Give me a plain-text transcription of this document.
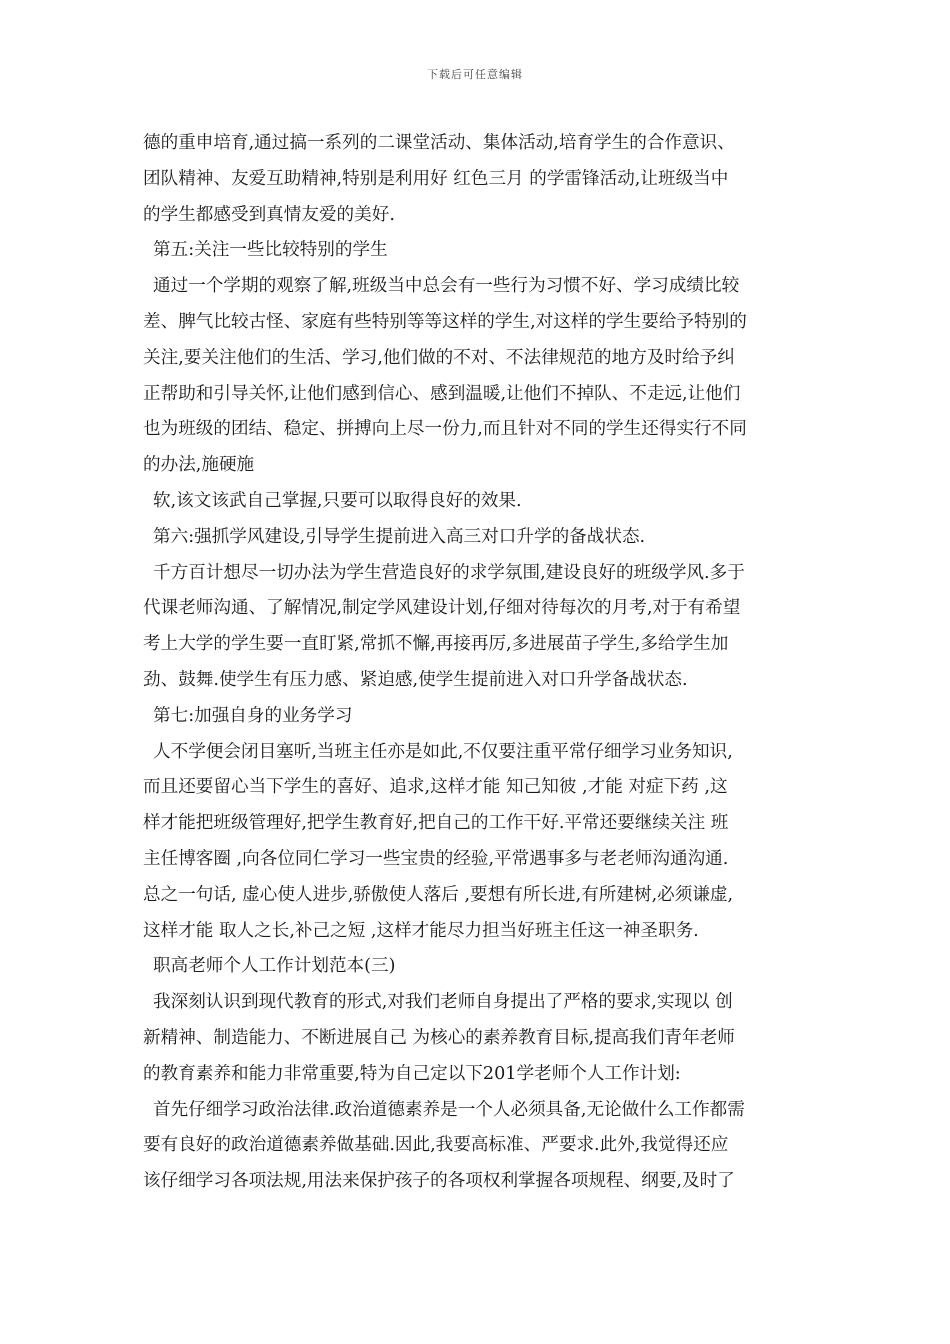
下载后可任意编辑
德的重申培育,通过搞一系列的二课堂活动、集体活动,培育学生的合作意识、
团队精神、友爱互助精神,特别是利用好 红色三月 的学雷锋活动,让班级当中
的学生都感受到真情友爱的美好.
第五:关注一些比较特别的学生
通过一个学期的观察了解,班级当中总会有一些行为习惯不好、学习成绩比较
差、脾气比较古怪、家庭有些特别等等这样的学生,对这样的学生要给予特别的
关注,要关注他们的生活、学习,他们做的不对、不法律规范的地方及时给予纠
正帮助和引导关怀,让他们感到信心、感到温暖,让他们不掉队、不走远,让他们
也为班级的团结、稳定、拼搏向上尽一份力,而且针对不同的学生还得实行不同
的办法,施硬施
软,该文该武自己掌握,只要可以取得良好的效果.
第六:强抓学风建设,引导学生提前进入高三对口升学的备战状态.
千方百计想尽一切办法为学生营造良好的求学氛围,建设良好的班级学风.多于
代课老师沟通、了解情况,制定学风建设计划,仔细对待每次的月考,对于有希望
考上大学的学生要一直盯紧,常抓不懈,再接再厉,多进展苗子学生,多给学生加
劲、鼓舞.使学生有压力感、紧迫感,使学生提前进入对口升学备战状态.
第七:加强自身的业务学习
人不学便会闭目塞听,当班主任亦是如此,不仅要注重平常仔细学习业务知识,
而且还要留心当下学生的喜好、追求,这样才能 知己知彼 ,才能 对症下药 ,这
样才能把班级管理好,把学生教育好,把自己的工作干好.平常还要继续关注 班
主任博客圈 ,向各位同仁学习一些宝贵的经验,平常遇事多与老老师沟通沟通.
总之一句话, 虚心使人进步,骄傲使人落后 ,要想有所长进,有所建树,必须谦虚,
这样才能 取人之长,补己之短 ,这样才能尽力担当好班主任这一神圣职务.
职高老师个人工作计划范本(三)
我深刻认识到现代教育的形式,对我们老师自身提出了严格的要求,实现以 创
新精神、制造能力、不断进展自己 为核心的素养教育目标,提高我们青年老师
的教育素养和能力非常重要,特为自己定以下201学老师个人工作计划:
首先仔细学习政治法律.政治道德素养是一个人必须具备,无论做什么工作都需
要有良好的政治道德素养做基础.因此,我要高标准、严要求.此外,我觉得还应
该仔细学习各项法规,用法来保护孩子的各项权利掌握各项规程、纲要,及时了
